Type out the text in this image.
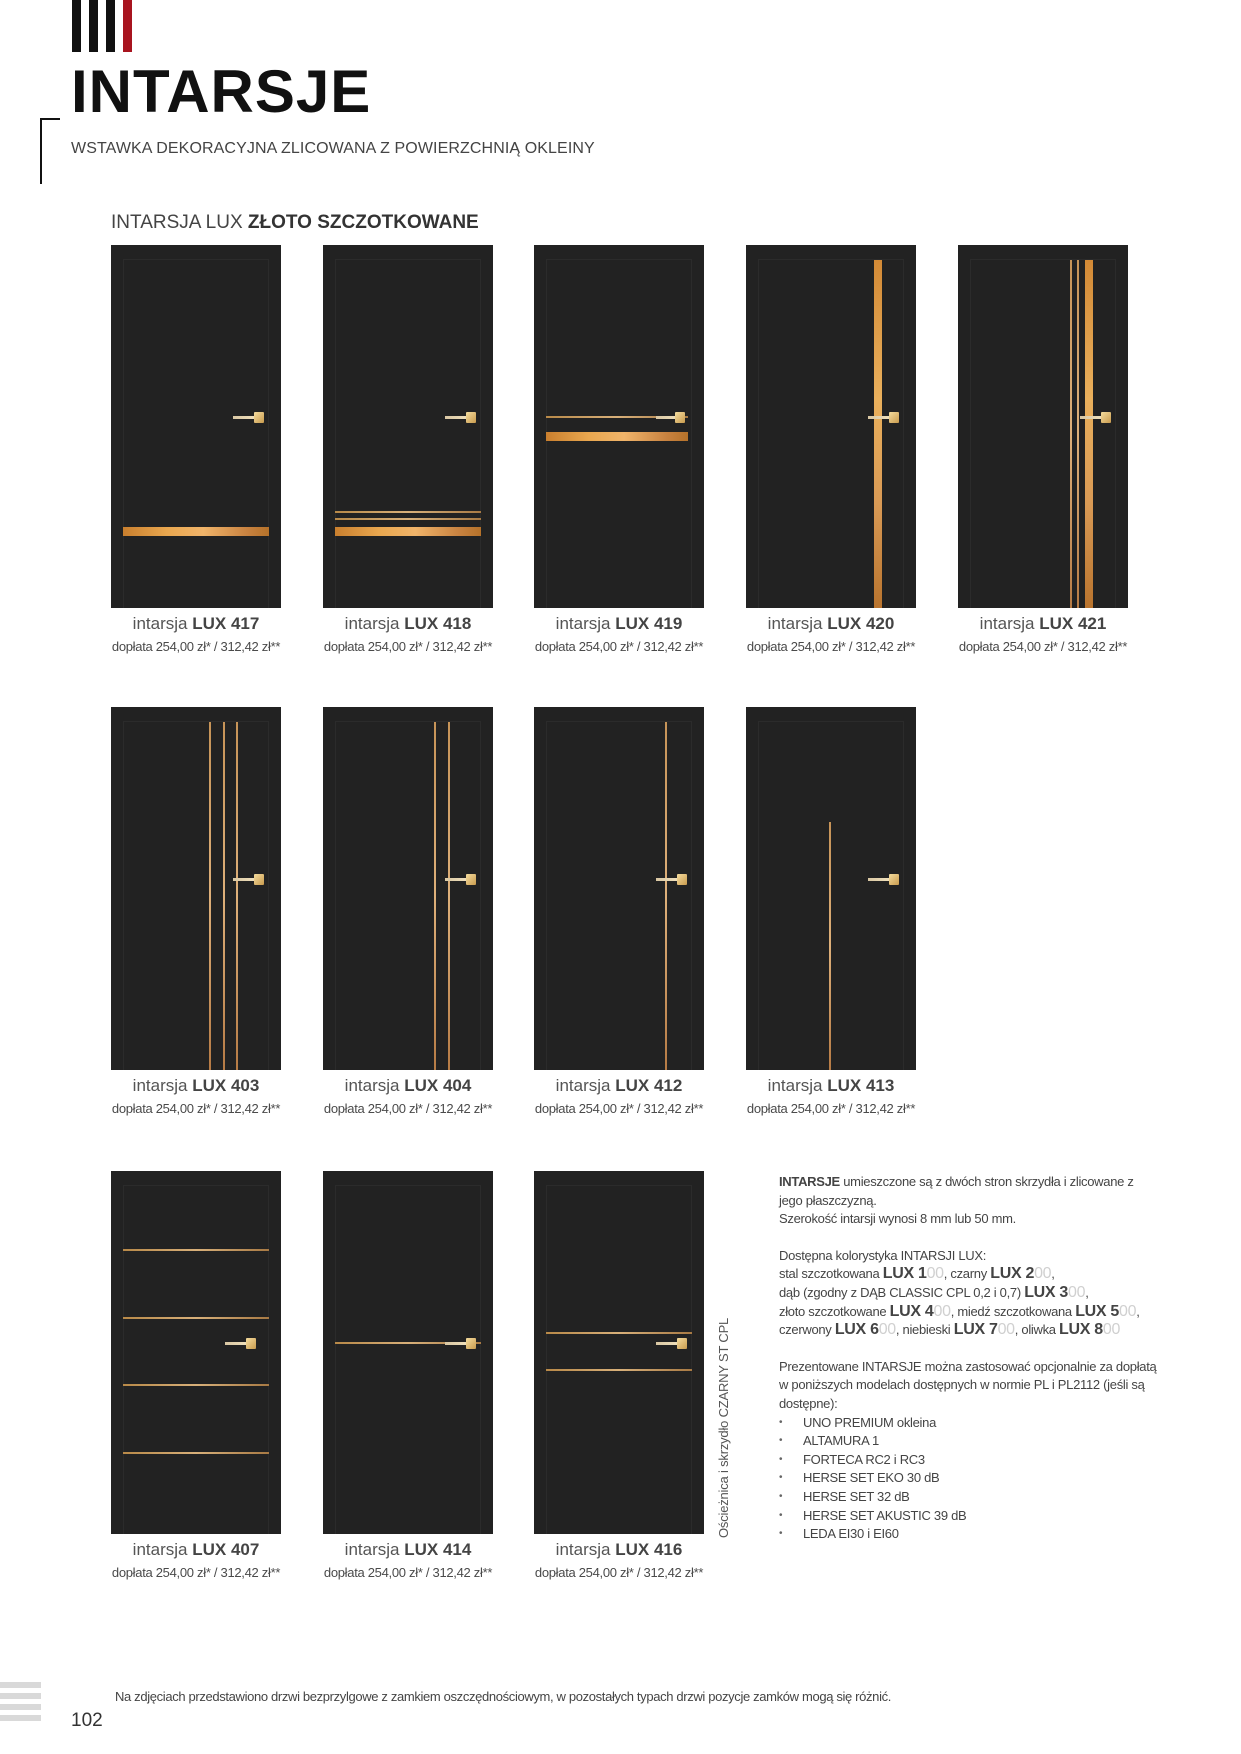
INTARSJE
WSTAWKA DEKORACYJNA ZLICOWANA Z POWIERZCHNIĄ OKLEINY
INTARSJA LUX ZŁOTO SZCZOTKOWANE
intarsja LUX 417
dopłata 254,00 zł* / 312,42 zł**
intarsja LUX 418
dopłata 254,00 zł* / 312,42 zł**
intarsja LUX 419
dopłata 254,00 zł* / 312,42 zł**
intarsja LUX 420
dopłata 254,00 zł* / 312,42 zł**
intarsja LUX 421
dopłata 254,00 zł* / 312,42 zł**
intarsja LUX 403
dopłata 254,00 zł* / 312,42 zł**
intarsja LUX 404
dopłata 254,00 zł* / 312,42 zł**
intarsja LUX 412
dopłata 254,00 zł* / 312,42 zł**
intarsja LUX 413
dopłata 254,00 zł* / 312,42 zł**
intarsja LUX 407
dopłata 254,00 zł* / 312,42 zł**
intarsja LUX 414
dopłata 254,00 zł* / 312,42 zł**
intarsja LUX 416
dopłata 254,00 zł* / 312,42 zł**
Ościeżnica i skrzydło CZARNY ST CPL

INTARSJE umieszczone są z dwóch stron skrzydła i zlicowane z jego płaszczyzną.

Szerokość intarsji wynosi 8 mm lub 50 mm.

Dostępna kolorystyka INTARSJI LUX:

stal szczotkowana LUX 100, czarny LUX 200,
dąb (zgodny z DĄB CLASSIC CPL 0,2 i 0,7) LUX 300,
złoto szczotkowane LUX 400, miedź szczotkowana LUX 500,
czerwony LUX 600, niebieski LUX 700, oliwka LUX 800

Prezentowane INTARSJE można zastosować opcjonalnie za dopłatą w poniższych modelach dostępnych w normie PL i PL2112 (jeśli są dostępne):

• UNO PREMIUM okleina
• ALTAMURA 1
• FORTECA RC2 i RC3
• HERSE SET EKO 30 dB
• HERSE SET 32 dB
• HERSE SET AKUSTIC 39 dB
• LEDA EI30 i EI60
Na zdjęciach przedstawiono drzwi bezprzylgowe z zamkiem oszczędnościowym, w pozostałych typach drzwi pozycje zamków mogą się różnić.
102
